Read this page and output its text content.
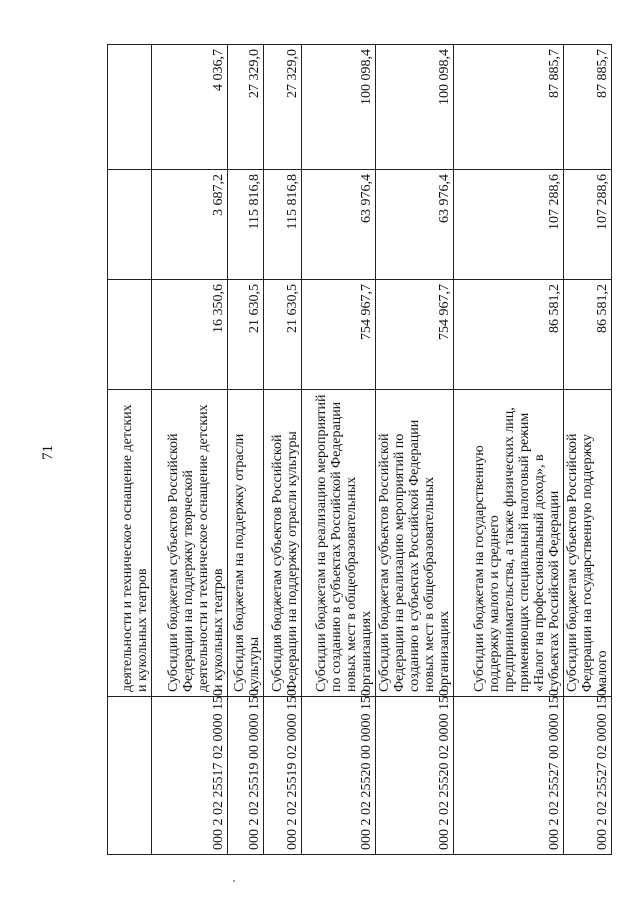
71
		деятельности и техническое оснащение детских и кукольных театров			
000 2 02 25517 02 0000 150	Субсидии бюджетам субъектов Российской Федерации на поддержку творческой деятельности и техническое оснащение детских и кукольных театров	16 350,6	3 687,2	4 036,7
000 2 02 25519 00 0000 150	Субсидия бюджетам на поддержку отрасли культуры	21 630,5	115 816,8	27 329,0
000 2 02 25519 02 0000 150	Субсидия бюджетам субъектов Российской Федерации на поддержку отрасли культуры	21 630,5	115 816,8	27 329,0
000 2 02 25520 00 0000 150	Субсидии бюджетам на реализацию мероприятий по созданию в субъектах Российской Федерации новых мест в общеобразовательных организациях	754 967,7	63 976,4	100 098,4
000 2 02 25520 02 0000 150	Субсидии бюджетам субъектов Российской Федерации на реализацию мероприятий по созданию в субъектах Российской Федерации новых мест в общеобразовательных организациях	754 967,7	63 976,4	100 098,4
000 2 02 25527 00 0000 150	Субсидии бюджетам на государственную поддержку малого и среднего предпринимательства, а также физических лиц, применяющих специальный налоговый режим «Налог на профессиональный доход», в субъектах Российской Федерации	86 581,2	107 288,6	87 885,7
000 2 02 25527 02 0000 150	Субсидии бюджетам субъектов Российской Федерации на государственную поддержку малого	86 581,2	107 288,6	87 885,7
